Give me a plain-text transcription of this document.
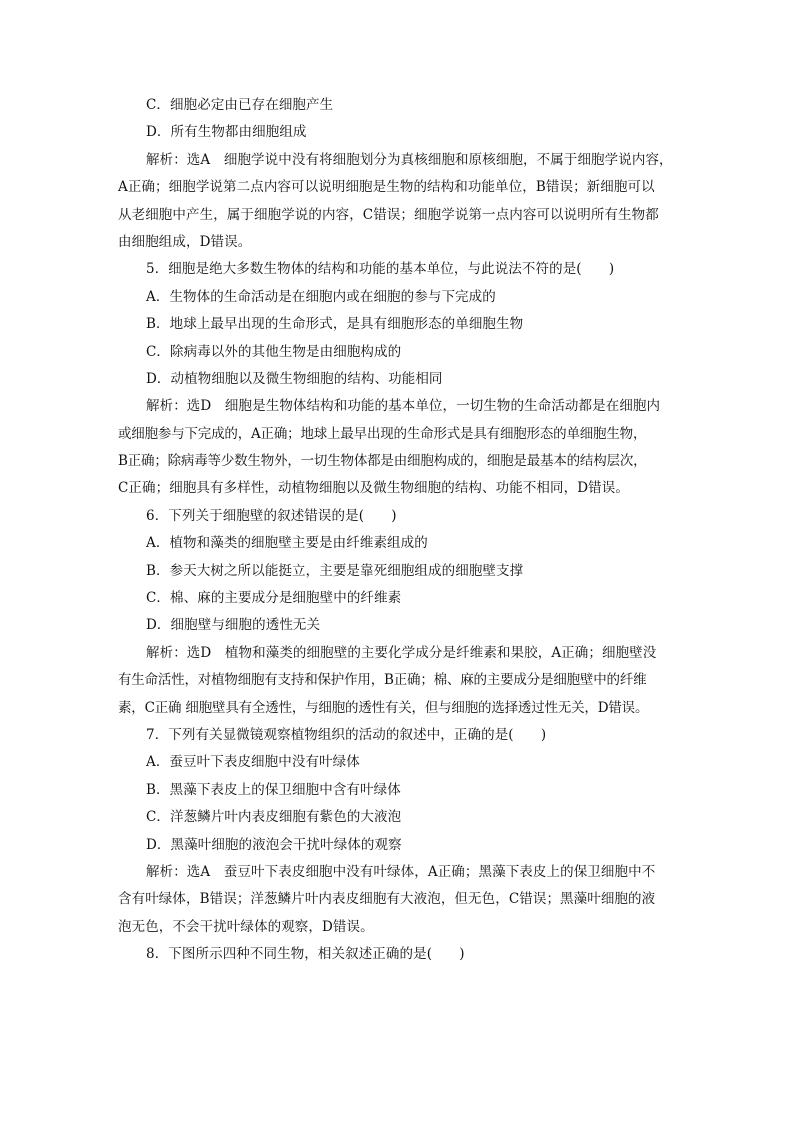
C．细胞必定由已存在细胞产生

D．所有生物都由细胞组成

解析：选A　细胞学说中没有将细胞划分为真核细胞和原核细胞，不属于细胞学说内容，

A正确；细胞学说第二点内容可以说明细胞是生物的结构和功能单位，B错误；新细胞可以

从老细胞中产生，属于细胞学说的内容，C错误；细胞学说第一点内容可以说明所有生物都

由细胞组成，D错误。

5．细胞是绝大多数生物体的结构和功能的基本单位，与此说法不符的是(　　)

A．生物体的生命活动是在细胞内或在细胞的参与下完成的

B．地球上最早出现的生命形式，是具有细胞形态的单细胞生物

C．除病毒以外的其他生物是由细胞构成的

D．动植物细胞以及微生物细胞的结构、功能相同

解析：选D　细胞是生物体结构和功能的基本单位，一切生物的生命活动都是在细胞内

或细胞参与下完成的，A正确；地球上最早出现的生命形式是具有细胞形态的单细胞生物，

B正确；除病毒等少数生物外，一切生物体都是由细胞构成的，细胞是最基本的结构层次，

C正确；细胞具有多样性，动植物细胞以及微生物细胞的结构、功能不相同，D错误。

6．下列关于细胞壁的叙述错误的是(　　)

A．植物和藻类的细胞壁主要是由纤维素组成的

B．参天大树之所以能挺立，主要是靠死细胞组成的细胞壁支撑

C．棉、麻的主要成分是细胞壁中的纤维素

D．细胞壁与细胞的透性无关

解析：选D　植物和藻类的细胞壁的主要化学成分是纤维素和果胶，A正确；细胞壁没

有生命活性，对植物细胞有支持和保护作用，B正确；棉、麻的主要成分是细胞壁中的纤维

素，C正确 细胞壁具有全透性，与细胞的透性有关，但与细胞的选择透过性无关，D错误。

7．下列有关显微镜观察植物组织的活动的叙述中，正确的是(　　)

A．蚕豆叶下表皮细胞中没有叶绿体

B．黑藻下表皮上的保卫细胞中含有叶绿体

C．洋葱鳞片叶内表皮细胞有紫色的大液泡

D．黑藻叶细胞的液泡会干扰叶绿体的观察

解析：选A　蚕豆叶下表皮细胞中没有叶绿体，A正确；黑藻下表皮上的保卫细胞中不

含有叶绿体，B错误；洋葱鳞片叶内表皮细胞有大液泡，但无色，C错误；黑藻叶细胞的液

泡无色，不会干扰叶绿体的观察，D错误。

8．下图所示四种不同生物，相关叙述正确的是(　　)
